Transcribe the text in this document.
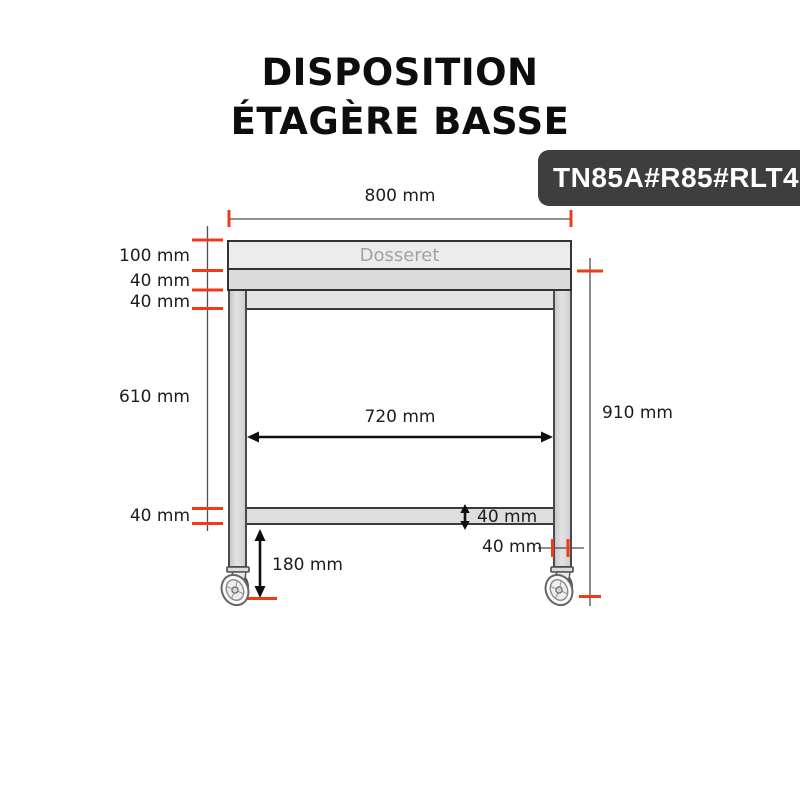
DISPOSITION
ÉTAGÈRE BASSE
TN85A#R85#RLT4
Dosseret
800 mm
100 mm
40 mm
40 mm
610 mm
40 mm
720 mm	910 mm
40 mm
40 mm
180 mm
